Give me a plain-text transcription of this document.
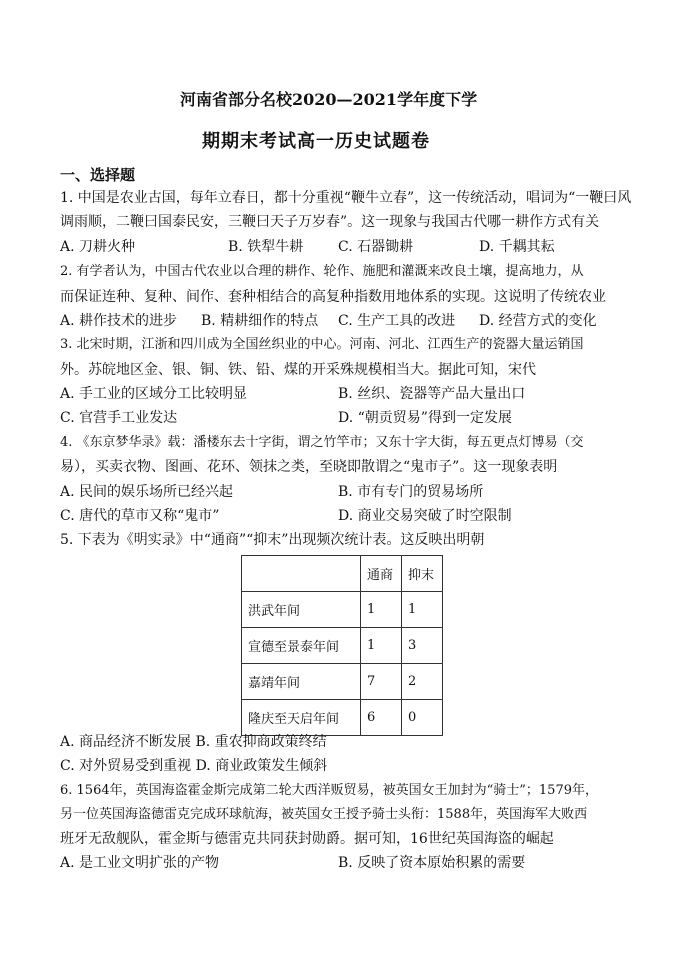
河南省部分名校2020—2021学年度下学
期期末考试高一历史试题卷
一、选择题
1. 中国是农业古国，每年立春日，都十分重视“鞭牛立春”，这一传统活动，唱词为“一鞭曰风
调雨顺，二鞭曰国泰民安，三鞭曰天子万岁春”。这一现象与我国古代哪一耕作方式有关
A. 刀耕火种	B. 铁犁牛耕 C. 石器锄耕	D. 千耦其耘
2. 有学者认为，中国古代农业以合理的耕作、轮作、施肥和灌溉来改良土壤，提高地力，从
而保证连种、复种、间作、套种相结合的高复种指数用地体系的实现。这说明了传统农业
A. 耕作技术的进步 B. 精耕细作的特点 C. 生产工具的改进 D. 经营方式的变化
3. 北宋时期，江浙和四川成为全国丝织业的中心。河南、河北、江西生产的瓷器大量运销国
外。苏皖地区金、银、铜、铁、铅、煤的开采殊规模相当大。据此可知，宋代
A. 手工业的区域分工比较明显	B. 丝织、瓷器等产品大量出口
C. 官营手工业发达	D. “朝贡贸易”得到一定发展
4. 《东京梦华录》载：潘楼东去十字街，谓之竹竿市；又东十字大街，每五更点灯博易（交
易），买卖衣物、图画、花环、领抹之类，至晓即散谓之“鬼市子”。这一现象表明
A. 民间的娱乐场所已经兴起	B. 市有专门的贸易场所
C. 唐代的草市又称“鬼市”	D. 商业交易突破了时空限制
5. 下表为《明实录》中“通商”“抑末”出现频次统计表。这反映出明朝
	通商	抑末
洪武年间	1	1
宣德至景泰年间	1	3
嘉靖年间	7	2
隆庆至天启年间	6	0
A. 商品经济不断发展 B. 重农抑商政策终结
C. 对外贸易受到重视 D. 商业政策发生倾斜
6. 1564年，英国海盗霍金斯完成第二轮大西洋贩贸易，被英国女王加封为“骑士”；1579年，
另一位英国海盗德雷克完成环球航海，被英国女王授予骑士头衔：1588年，英国海军大败西
班牙无敌舰队，霍金斯与德雷克共同获封勋爵。据可知，16世纪英国海盗的崛起
A. 是工业文明扩张的产物	B. 反映了资本原始积累的需要
